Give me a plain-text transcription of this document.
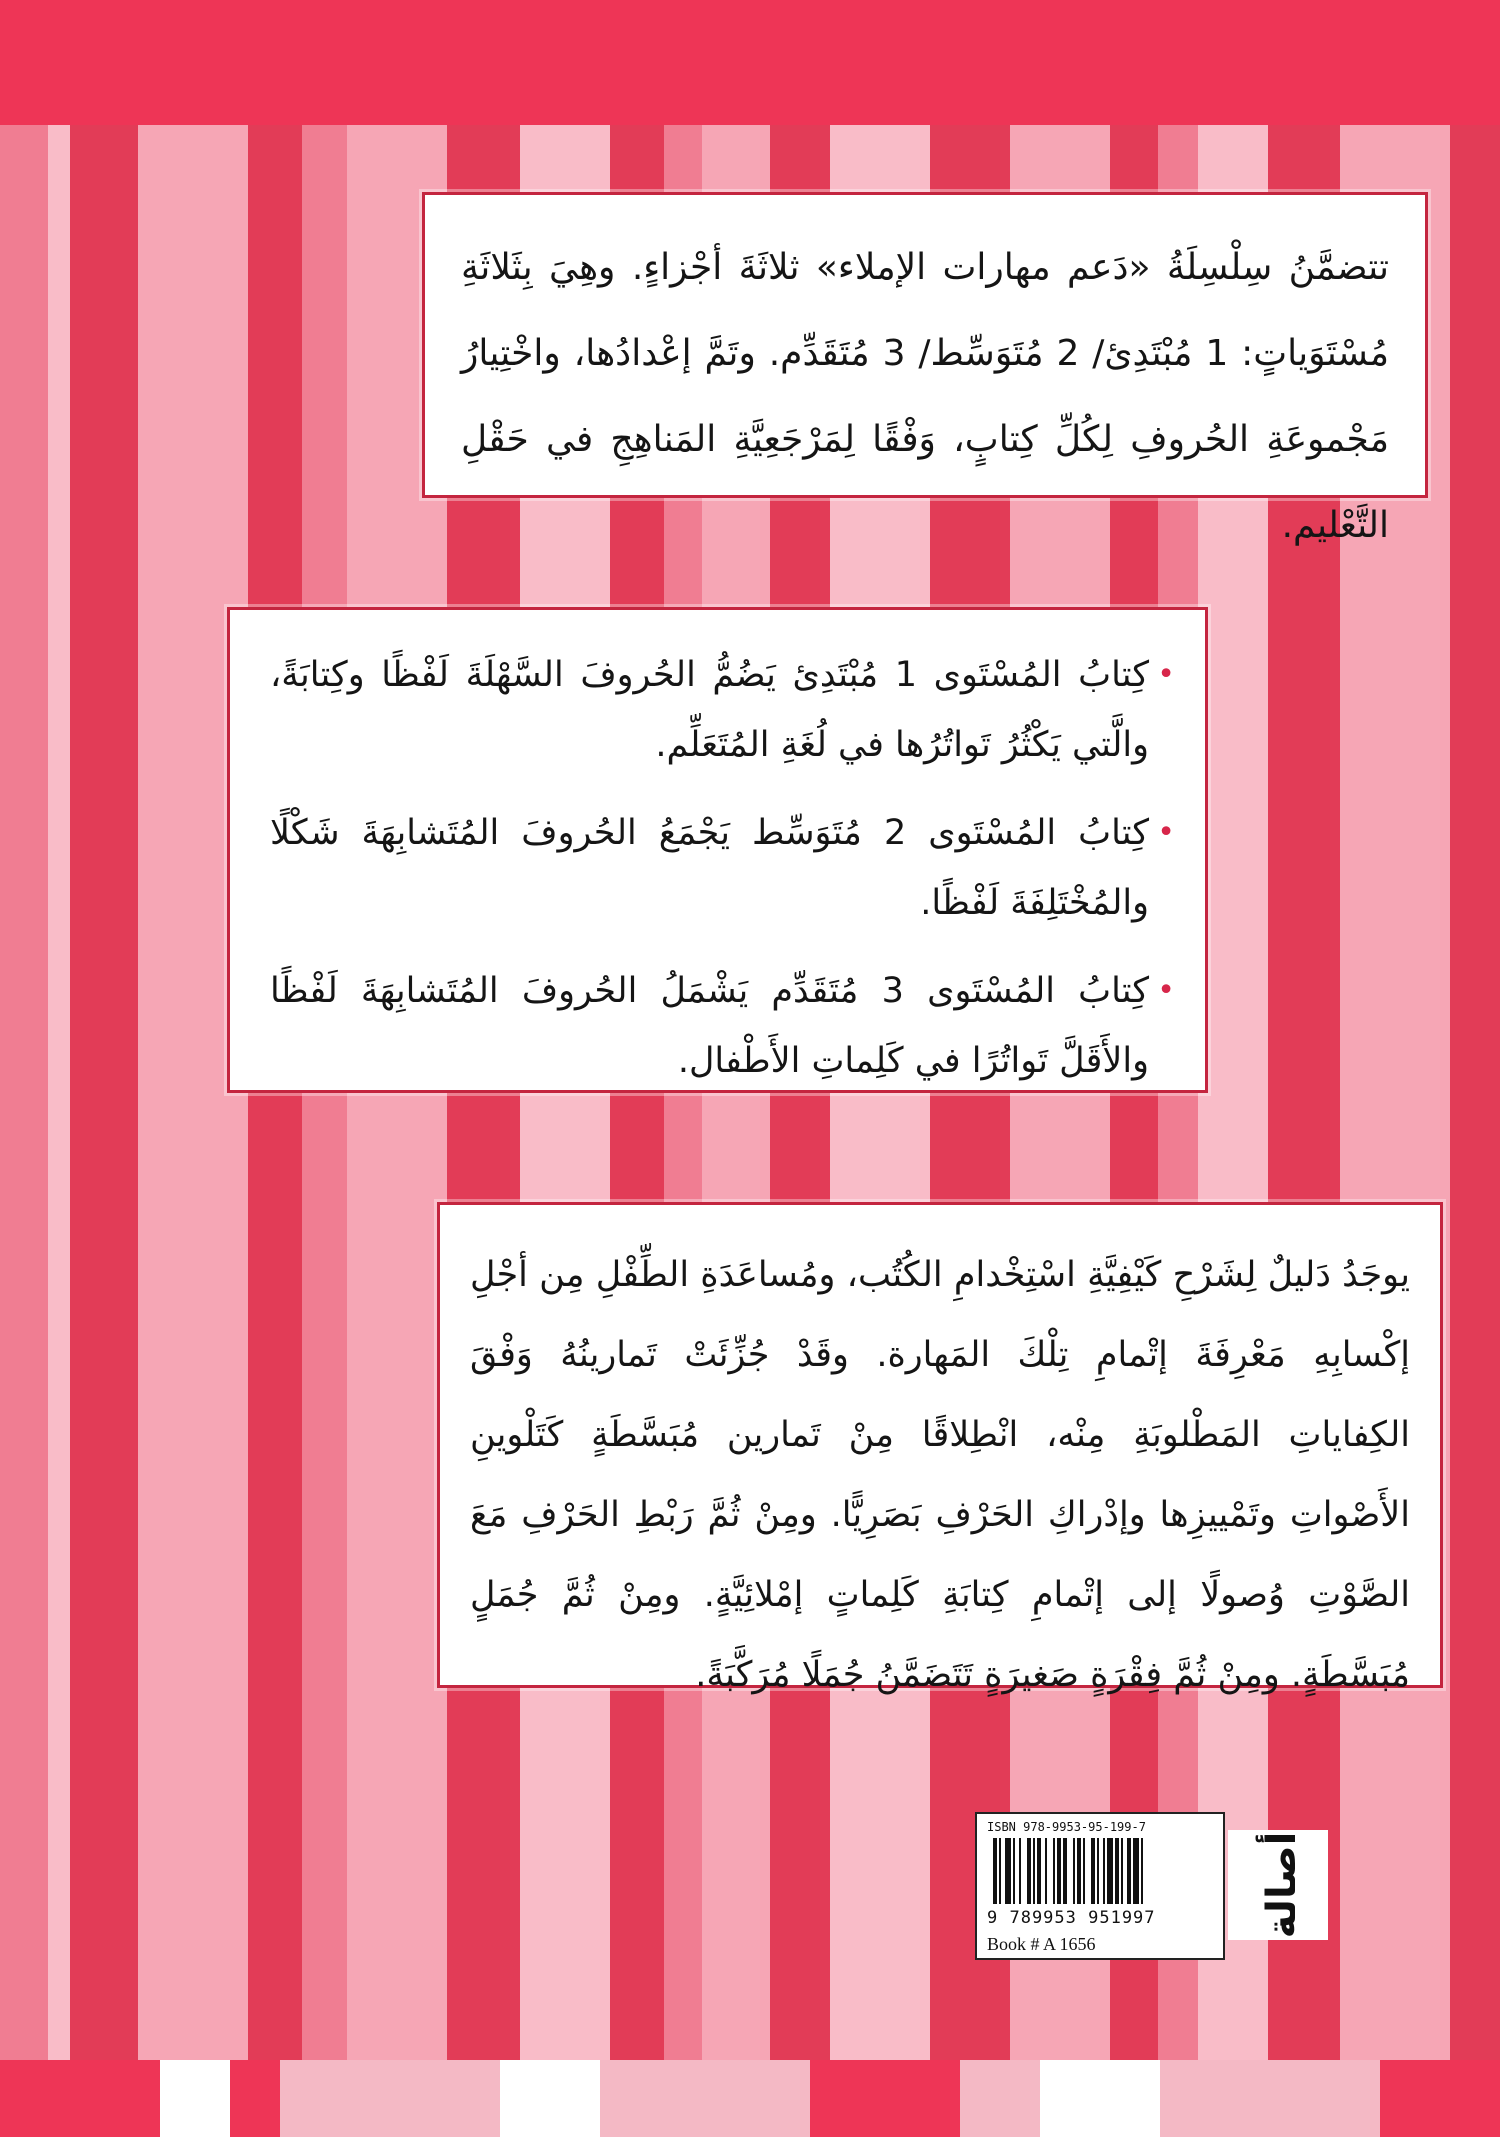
تتضمَّنُ سِلْسِلَةُ «دَعم مهارات الإملاء» ثلاثَةَ أجْزاءٍ. وهِيَ بِثَلاثَةِ مُسْتَوَياتٍ: 1 مُبْتَدِئ/ 2 مُتَوَسِّط/ 3 مُتَقَدِّم. وتَمَّ إعْدادُها، واخْتِيارُ مَجْموعَةِ الحُروفِ لِكُلِّ كِتابٍ، وَفْقًا لِمَرْجَعِيَّةِ المَناهِجِ في حَقْلِ التَّعْليم.

• كِتابُ المُسْتَوى 1 مُبْتَدِئ يَضُمُّ الحُروفَ السَّهْلَةَ لَفْظًا وكِتابَةً، والَّتي يَكْثُرُ تَواتُرُها في لُغَةِ المُتَعَلِّم.
• كِتابُ المُسْتَوى 2 مُتَوَسِّط يَجْمَعُ الحُروفَ المُتَشابِهَةَ شَكْلًا والمُخْتَلِفَةَ لَفْظًا.
• كِتابُ المُسْتَوى 3 مُتَقَدِّم يَشْمَلُ الحُروفَ المُتَشابِهَةَ لَفْظًا والأَقَلَّ تَواتُرًا في كَلِماتِ الأَطْفال.

يوجَدُ دَليلٌ لِشَرْحِ كَيْفِيَّةِ اسْتِخْدامِ الكُتُب، ومُساعَدَةِ الطِّفْلِ مِن أجْلِ إكْسابِهِ مَعْرِفَةَ إتْمامِ تِلْكَ المَهارة. وقَدْ جُزِّئَتْ تَمارينُهُ وَفْقَ الكِفاياتِ المَطْلوبَةِ مِنْه، انْطِلاقًا مِنْ تَمارين مُبَسَّطَةٍ كَتَلْوينِ الأَصْواتِ وتَمْييزِها وإدْراكِ الحَرْفِ بَصَرِيًّا. ومِنْ ثُمَّ رَبْطِ الحَرْفِ مَعَ الصَّوْتِ وُصولًا إلى إتْمامِ كِتابَةِ كَلِماتٍ إمْلائِيَّةٍ. ومِنْ ثُمَّ جُمَلٍ مُبَسَّطَةٍ. ومِنْ ثُمَّ فِقْرَةٍ صَغيرَةٍ تَتَضَمَّنُ جُمَلًا مُرَكَّبَةً.

ISBN 978-9953-95-199-7
9 789953 951997
Book # A 1656
أصالة
